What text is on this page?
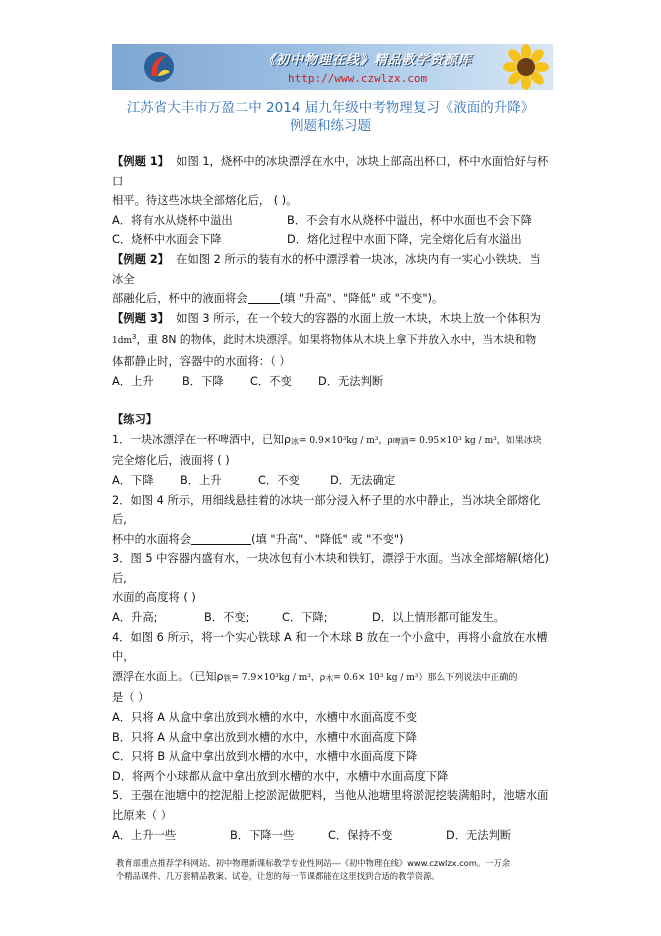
《初中物理在线》精品教学资源库
http://www.czwlzx.com
江苏省大丰市万盈二中 2014 届九年级中考物理复习《液面的升降》
例题和练习题

【例题 1】 如图 1，烧杯中的冰块漂浮在水中，冰块上部高出杯口，杯中水面恰好与杯口

相平。待这些冰块全部熔化后， ( )。

A．将有水从烧杯中溢出	B．不会有水从烧杯中溢出，杯中水面也不会下降
C．烧杯中水面会下降	D．熔化过程中水面下降，完全熔化后有水溢出

【例题 2】 在如图 2 所示的装有水的杯中漂浮着一块冰，冰块内有一实心小铁块．当冰全

部融化后，杯中的液面将会	(填 "升高"、"降低" 或 "不变")。

【例题 3】 如图 3 所示，在一个较大的容器的水面上放一木块，木块上放一个体积为

$1dm^3$，重 8N 的物体，此时木块漂浮。如果将物体从木块上拿下并放入水中，当木块和物

体都静止时，容器中的水面将：（ ）

A．上升	B．下降	C．不变	D．无法判断

【练习】

1．一块冰漂浮在一杯啤酒中，已知ρ冰= 0.9×10³kg / m³，ρ啤酒= 0.95×10³ kg / m³，如果冰块

完全熔化后，液面将 ( )

A．下降	B．上升	C．不变	D．无法确定

2．如图 4 所示，用细线悬挂着的冰块一部分浸入杯子里的水中静止，当冰块全部熔化后,

杯中的水面将会	(填 "升高"、"降低" 或 "不变")

3．图 5 中容器内盛有水，一块冰包有小木块和铁钉，漂浮于水面。当冰全部熔解(熔化)后,

水面的高度将 ( )

A．升高;	B．不变;	C．下降;	D．以上情形都可能发生。

4．如图 6 所示，将一个实心铁球 A 和一个木球 B 放在一个小盒中，再将小盒放在水槽中，

漂浮在水面上。（已知ρ铁= 7.9×10³kg / m³，ρ木= 0.6× 10³ kg / m³）那么下列说法中正确的

是（ ）

A．只将 A 从盒中拿出放到水槽的水中，水槽中水面高度不变

B．只将 A 从盒中拿出放到水槽的水中，水槽中水面高度下降

C．只将 B 从盒中拿出放到水槽的水中，水槽中水面高度下降

D．将两个小球都从盒中拿出放到水槽的水中，水槽中水面高度下降

5．王强在池塘中的挖泥船上挖淤泥做肥料，当他从池塘里将淤泥挖装满船时，池塘水面

比原来（ ）

A．上升一些	B．下降一些	C．保持不变	D．无法判断
教育部重点推荐学科网站、初中物理新课标教学专业性网站---《初中物理在线》www.czwlzx.com。一万余
个精品课件、几万套精品教案、试卷，让您的每一节课都能在这里找到合适的教学资源。
